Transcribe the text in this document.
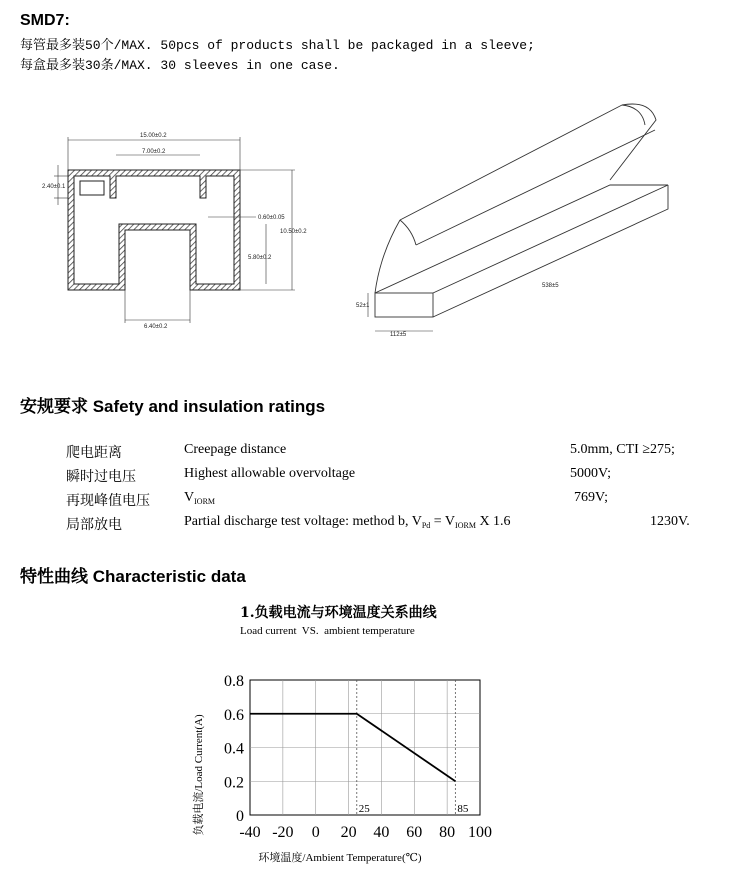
SMD7:
每管最多装50个/MAX. 50pcs of products shall be packaged in a sleeve;
每盒最多装30条/MAX. 30 sleeves in one case.
15.00±0.2
7.00±0.2
2.40±0.1
0.60±0.05
10.50±0.2
5.80±0.2
6.40±0.2
52±1
112±5
538±5
安规要求 Safety and insulation ratings
爬电距离	Creepage distance	5.0mm, CTI ≥275;
瞬时过电压	Highest allowable overvoltage	5000V;
再现峰值电压 $V_{IORM}$	769V;
局部放电	Partial discharge test voltage: method b, $V_{Pd} = V_{IORM}$ X 1.6	1230V.
特性曲线 Characteristic data
1.负载电流与环境温度关系曲线
Load current  VS.  ambient temperature
0
0.2
0.4
0.6
0.8
-40 -20 0 20 40 60 80 100
25	85
负载电流/Load Current(A)
环境温度/Ambient Temperature(℃)
